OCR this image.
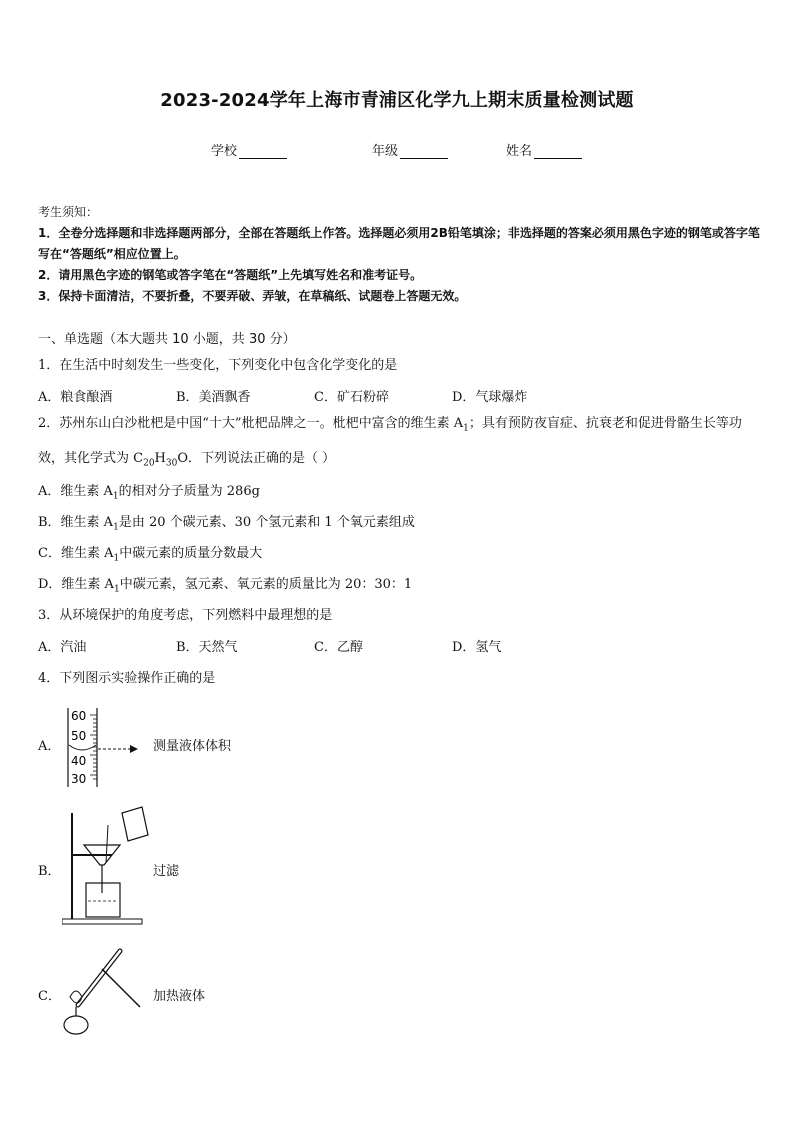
2023-2024学年上海市青浦区化学九上期末质量检测试题
学校	年级	姓名
考生须知：
1．全卷分选择题和非选择题两部分，全部在答题纸上作答。选择题必须用2B铅笔填涂；非选择题的答案必须用黑色字迹的钢笔或答字笔写在“答题纸”相应位置上。
2．请用黑色字迹的钢笔或答字笔在“答题纸”上先填写姓名和准考证号。
3．保持卡面清洁，不要折叠，不要弄破、弄皱，在草稿纸、试题卷上答题无效。
一、单选题（本大题共 10 小题，共 30 分）
1．在生活中时刻发生一些变化，下列变化中包含化学变化的是
A．粮食酿酒	B．美酒飘香	C．矿石粉碎	D．气球爆炸
2．苏州东山白沙枇杷是中国“十大”枇杷品牌之一。枇杷中富含的维生素 $A_1$；具有预防夜盲症、抗衰老和促进骨骼生长等功效，其化学式为 $C_{20}H_{30}O$．下列说法正确的是（ ）
A．维生素 $A_1$的相对分子质量为 286g
B．维生素 $A_1$是由 20 个碳元素、30 个氢元素和 1 个氧元素组成
C．维生素 $A_1$中碳元素的质量分数最大
D．维生素 $A_1$中碳元素，氢元素、氧元素的质量比为 20：30：1
3．从环境保护的角度考虑，下列燃料中最理想的是
A．汽油	B．天然气	C．乙醇	D．氢气
4．下列图示实验操作正确的是
A．
60
50
40
30
测量液体体积
B．	过滤
C．	加热液体
